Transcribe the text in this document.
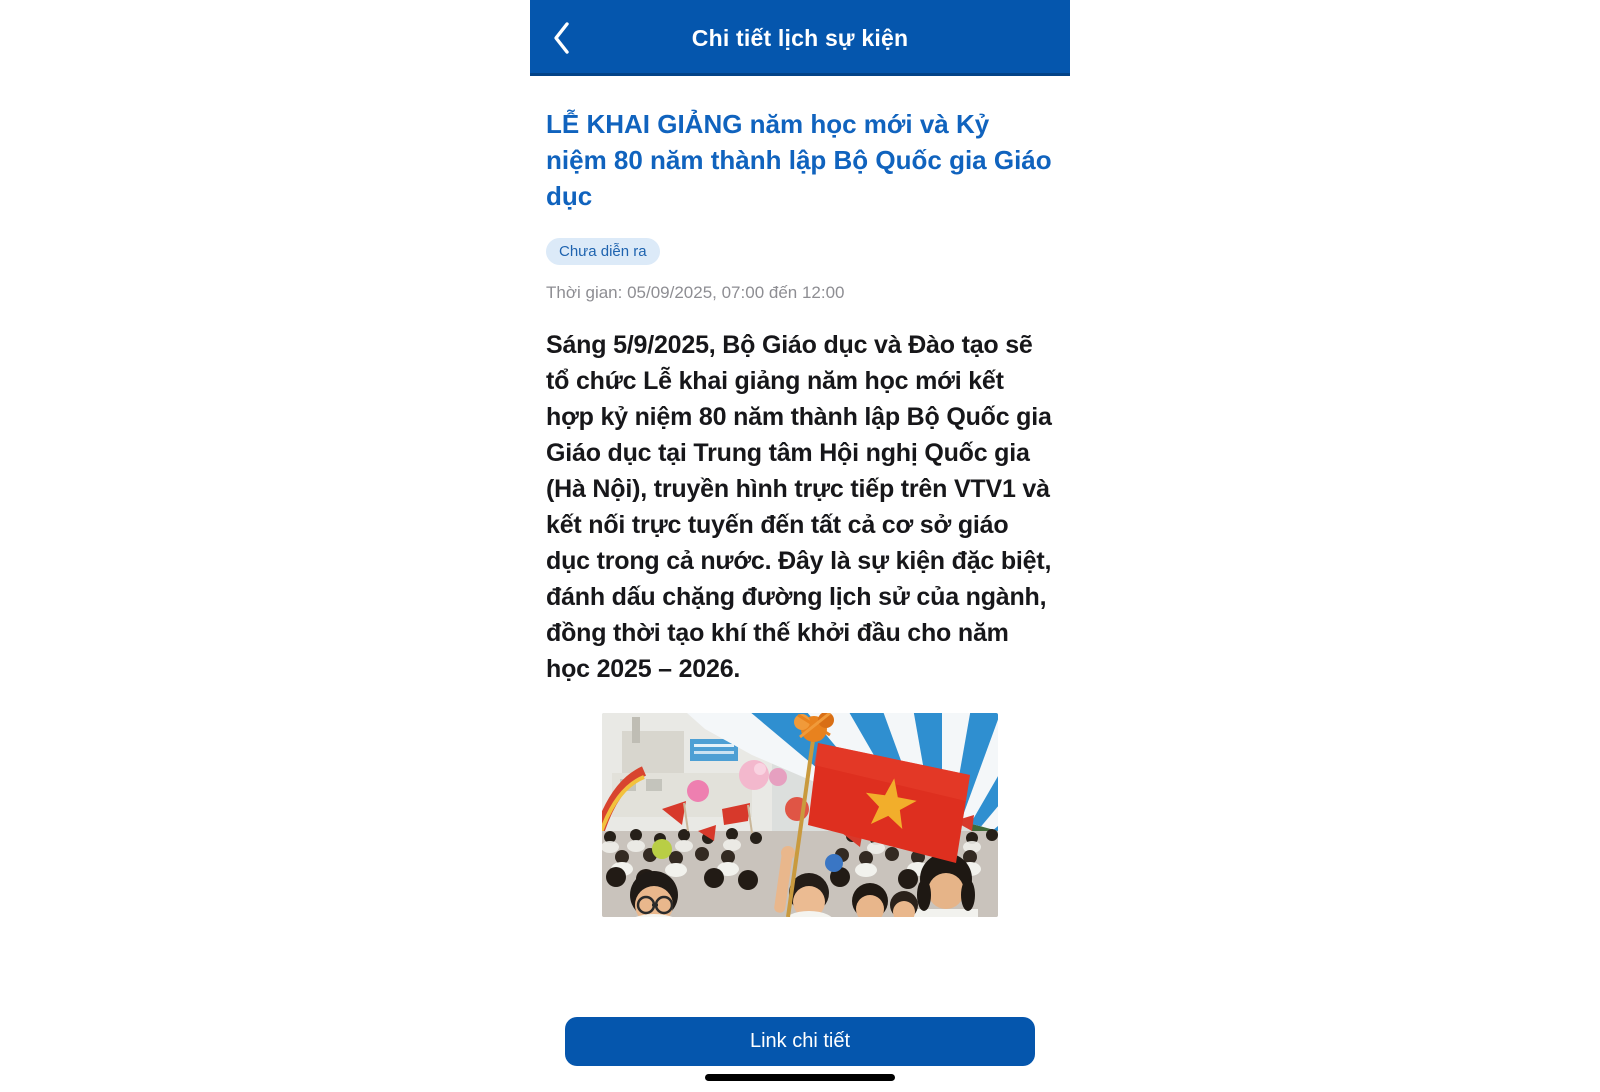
Chi tiết lịch sự kiện
LỄ KHAI GIẢNG năm học mới và Kỷ niệm 80 năm thành lập Bộ Quốc gia Giáo dục
Chưa diễn ra
Thời gian: 05/09/2025, 07:00 đến 12:00

Sáng 5/9/2025, Bộ Giáo dục và Đào tạo sẽ tổ chức Lễ khai giảng năm học mới kết hợp kỷ niệm 80 năm thành lập Bộ Quốc gia Giáo dục tại Trung tâm Hội nghị Quốc gia (Hà Nội), truyền hình trực tiếp trên VTV1 và kết nối trực tuyến đến tất cả cơ sở giáo dục trong cả nước. Đây là sự kiện đặc biệt, đánh dấu chặng đường lịch sử của ngành, đồng thời tạo khí thế khởi đầu cho năm học 2025 – 2026.

Link chi tiết
